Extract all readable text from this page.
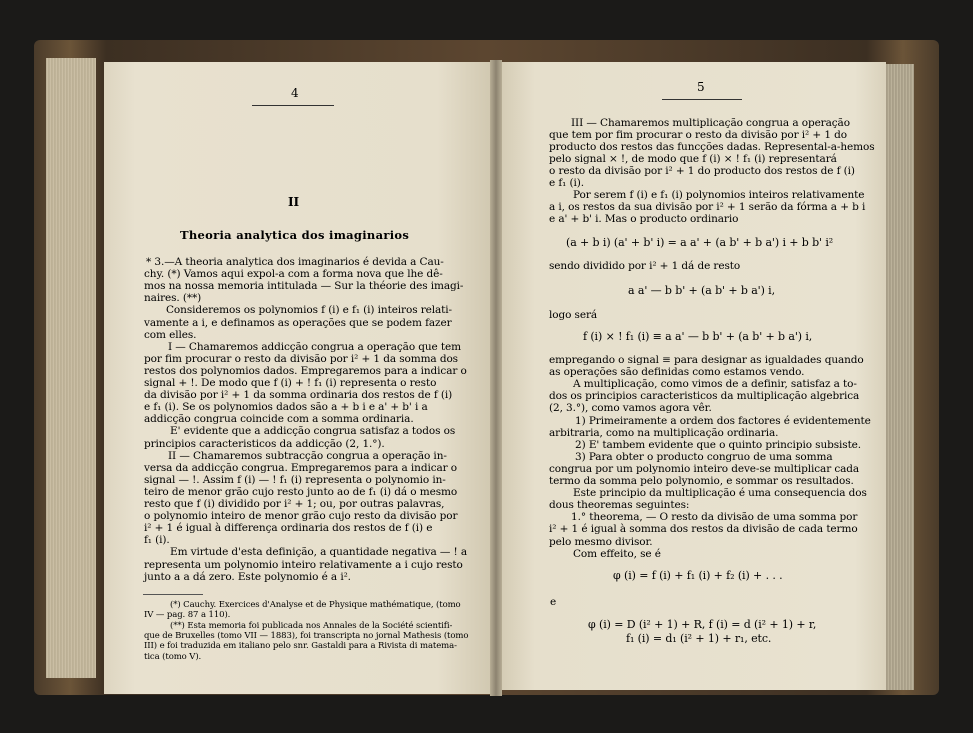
4
II
Theoria analytica dos imaginarios
* 3.—A theoria analytica dos imaginarios é devida a Cau-
chy. (*) Vamos aqui expol-a com a forma nova que lhe dê-
mos na nossa memoria intitulada — Sur la théorie des imagi-
naires. (**)
Consideremos os polynomios f (i) e f₁ (i) inteiros relati-
vamente a i, e definamos as operações que se podem fazer
com elles.
I — Chamaremos addicção congrua a operação que tem
por fim procurar o resto da divisão por i² + 1 da somma dos
restos dos polynomios dados. Empregaremos para a indicar o
signal + !. De modo que f (i) + ! f₁ (i) representa o resto
da divisão por i² + 1 da somma ordinaria dos restos de f (i)
e f₁ (i). Se os polynomios dados são a + b i e a' + b' i a
addicção congrua coincide com a somma ordinaria.
E' evidente que a addicção congrua satisfaz a todos os
principios caracteristicos da addicção (2, 1.°).
II — Chamaremos subtracção congrua a operação in-
versa da addicção congrua. Empregaremos para a indicar o
signal — !. Assim f (i) — ! f₁ (i) representa o polynomio in-
teiro de menor grão cujo resto junto ao de f₁ (i) dá o mesmo
resto que f (i) dividido por i² + 1; ou, por outras palavras,
o polynomio inteiro de menor grão cujo resto da divisão por
i² + 1 é igual à differença ordinaria dos restos de f (i) e
f₁ (i).
Em virtude d'esta definição, a quantidade negativa — ! a
representa um polynomio inteiro relativamente a i cujo resto
junto a a dá zero. Este polynomio é a i².
(*) Cauchy. Exercices d'Analyse et de Physique mathématique, (tomo
IV — pag. 87 a 110).
(**) Esta memoria foi publicada nos Annales de la Société scientifi-
que de Bruxelles (tomo VII — 1883), foi transcripta no jornal Mathesis (tomo
III) e foi traduzida em italiano pelo snr. Gastaldi para a Rivista di matema-
tica (tomo V).
5
III — Chamaremos multiplicação congrua a operação
que tem por fim procurar o resto da divisão por i² + 1 do
producto dos restos das funcções dadas. Represental-a-hemos
pelo signal × !, de modo que f (i) × ! f₁ (i) representará
o resto da divisão por i² + 1 do producto dos restos de f (i)
e f₁ (i).
Por serem f (i) e f₁ (i) polynomios inteiros relativamente
a i, os restos da sua divisão por i² + 1 serão da fórma a + b i
e a' + b' i. Mas o producto ordinario
(a + b i) (a' + b' i) = a a' + (a b' + b a') i + b b' i²
sendo dividido por i² + 1 dá de resto
a a' — b b' + (a b' + b a') i,
logo será
f (i) × ! f₁ (i) ≡ a a' — b b' + (a b' + b a') i,
empregando o signal ≡ para designar as igualdades quando
as operações são definidas como estamos vendo.
A multiplicação, como vimos de a definir, satisfaz a to-
dos os principios caracteristicos da multiplicação algebrica
(2, 3.°), como vamos agora vêr.
1) Primeiramente a ordem dos factores é evidentemente
arbitraria, como na multiplicação ordinaria.
2) E' tambem evidente que o quinto principio subsiste.
3) Para obter o producto congruo de uma somma
congrua por um polynomio inteiro deve-se multiplicar cada
termo da somma pelo polynomio, e sommar os resultados.
Este principio da multiplicação é uma consequencia dos
dous theoremas seguintes:
1.° theorema, — O resto da divisão de uma somma por
i² + 1 é igual à somma dos restos da divisão de cada termo
pelo mesmo divisor.
Com effeito, se é
φ (i) = f (i) + f₁ (i) + f₂ (i) + . . .
e
φ (i) = D (i² + 1) + R, f (i) = d (i² + 1) + r,
f₁ (i) = d₁ (i² + 1) + r₁, etc.
